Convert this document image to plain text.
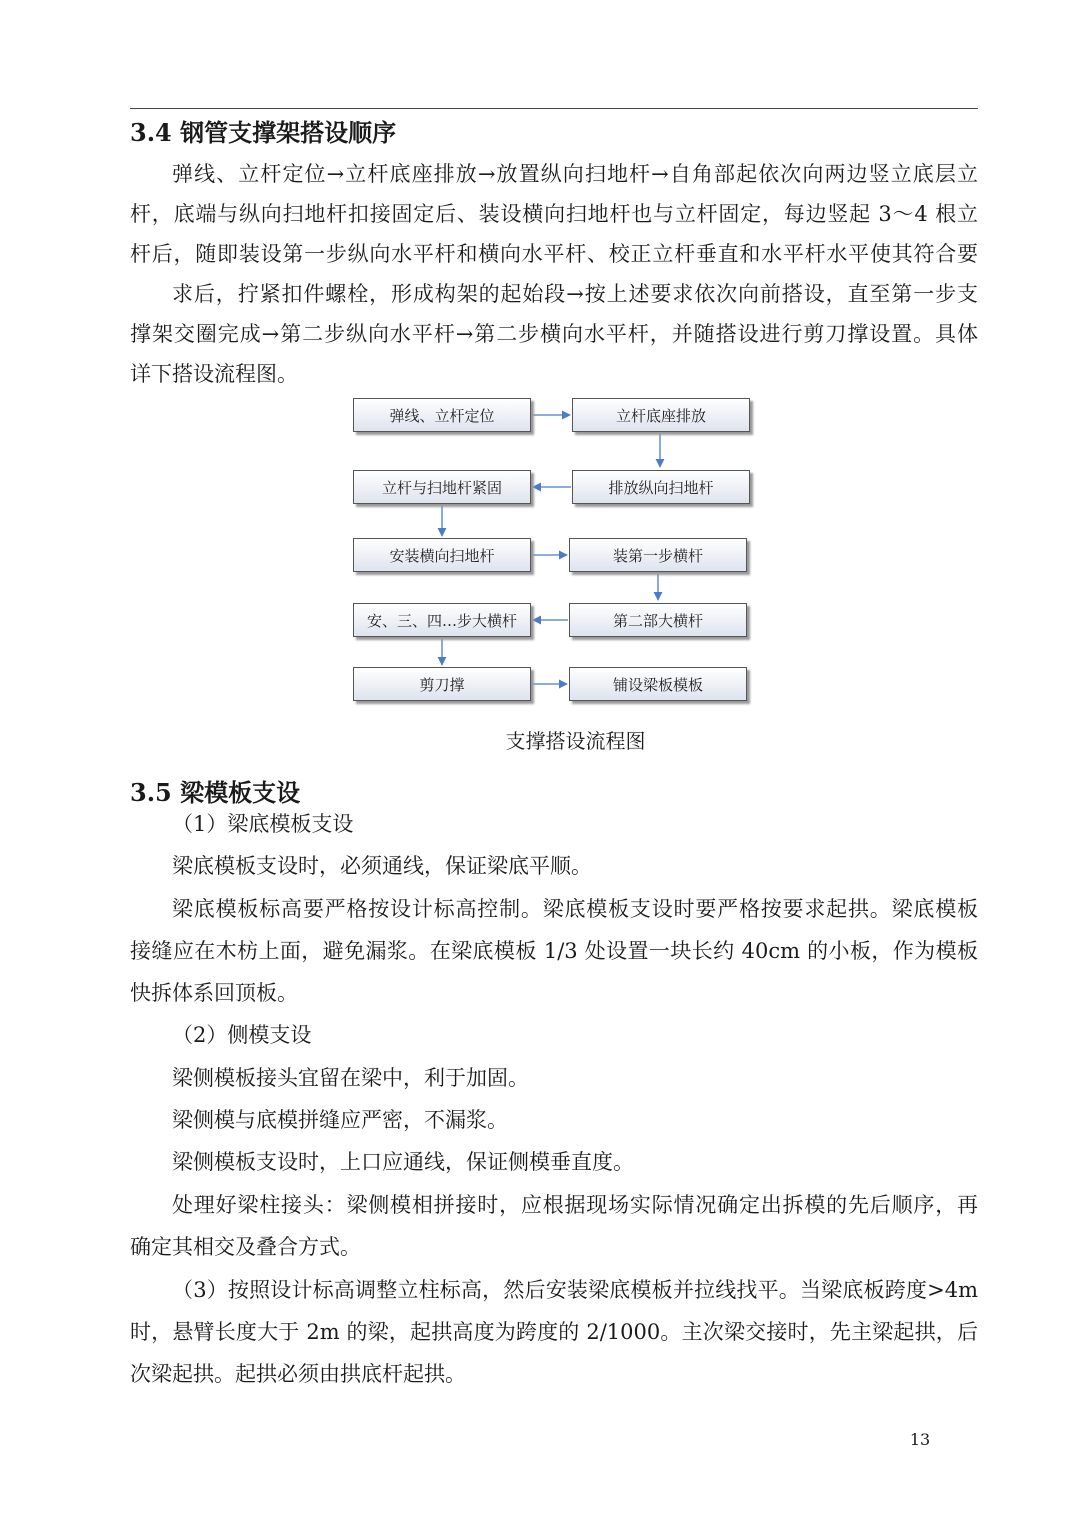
3.4 钢管支撑架搭设顺序
弹线、立杆定位→立杆底座排放→放置纵向扫地杆→自角部起依次向两边竖立底层立
杆，底端与纵向扫地杆扣接固定后、装设横向扫地杆也与立杆固定，每边竖起 3～4 根立
杆后，随即装设第一步纵向水平杆和横向水平杆、校正立杆垂直和水平杆水平使其符合要
求后，拧紧扣件螺栓，形成构架的起始段→按上述要求依次向前搭设，直至第一步支
撑架交圈完成→第二步纵向水平杆→第二步横向水平杆，并随搭设进行剪刀撑设置。具体
详下搭设流程图。
弹线、立杆定位	立杆底座排放
立杆与扫地杆紧固	排放纵向扫地杆
安装横向扫地杆	装第一步横杆
安、三、四…步大横杆	第二部大横杆
剪刀撑	铺设梁板模板
支撑搭设流程图
3.5 梁模板支设
（1）梁底模板支设
梁底模板支设时，必须通线，保证梁底平顺。
梁底模板标高要严格按设计标高控制。梁底模板支设时要严格按要求起拱。梁底模板
接缝应在木枋上面，避免漏浆。在梁底模板 1/3 处设置一块长约 40cm 的小板，作为模板
快拆体系回顶板。
（2）侧模支设
梁侧模板接头宜留在梁中，利于加固。
梁侧模与底模拼缝应严密，不漏浆。
梁侧模板支设时，上口应通线，保证侧模垂直度。
处理好梁柱接头：梁侧模相拼接时，应根据现场实际情况确定出拆模的先后顺序，再
确定其相交及叠合方式。
（3）按照设计标高调整立柱标高，然后安装梁底模板并拉线找平。当梁底板跨度>4m
时，悬臂长度大于 2m 的梁，起拱高度为跨度的 2/1000。主次梁交接时，先主梁起拱，后
次梁起拱。起拱必须由拱底杆起拱。
13
